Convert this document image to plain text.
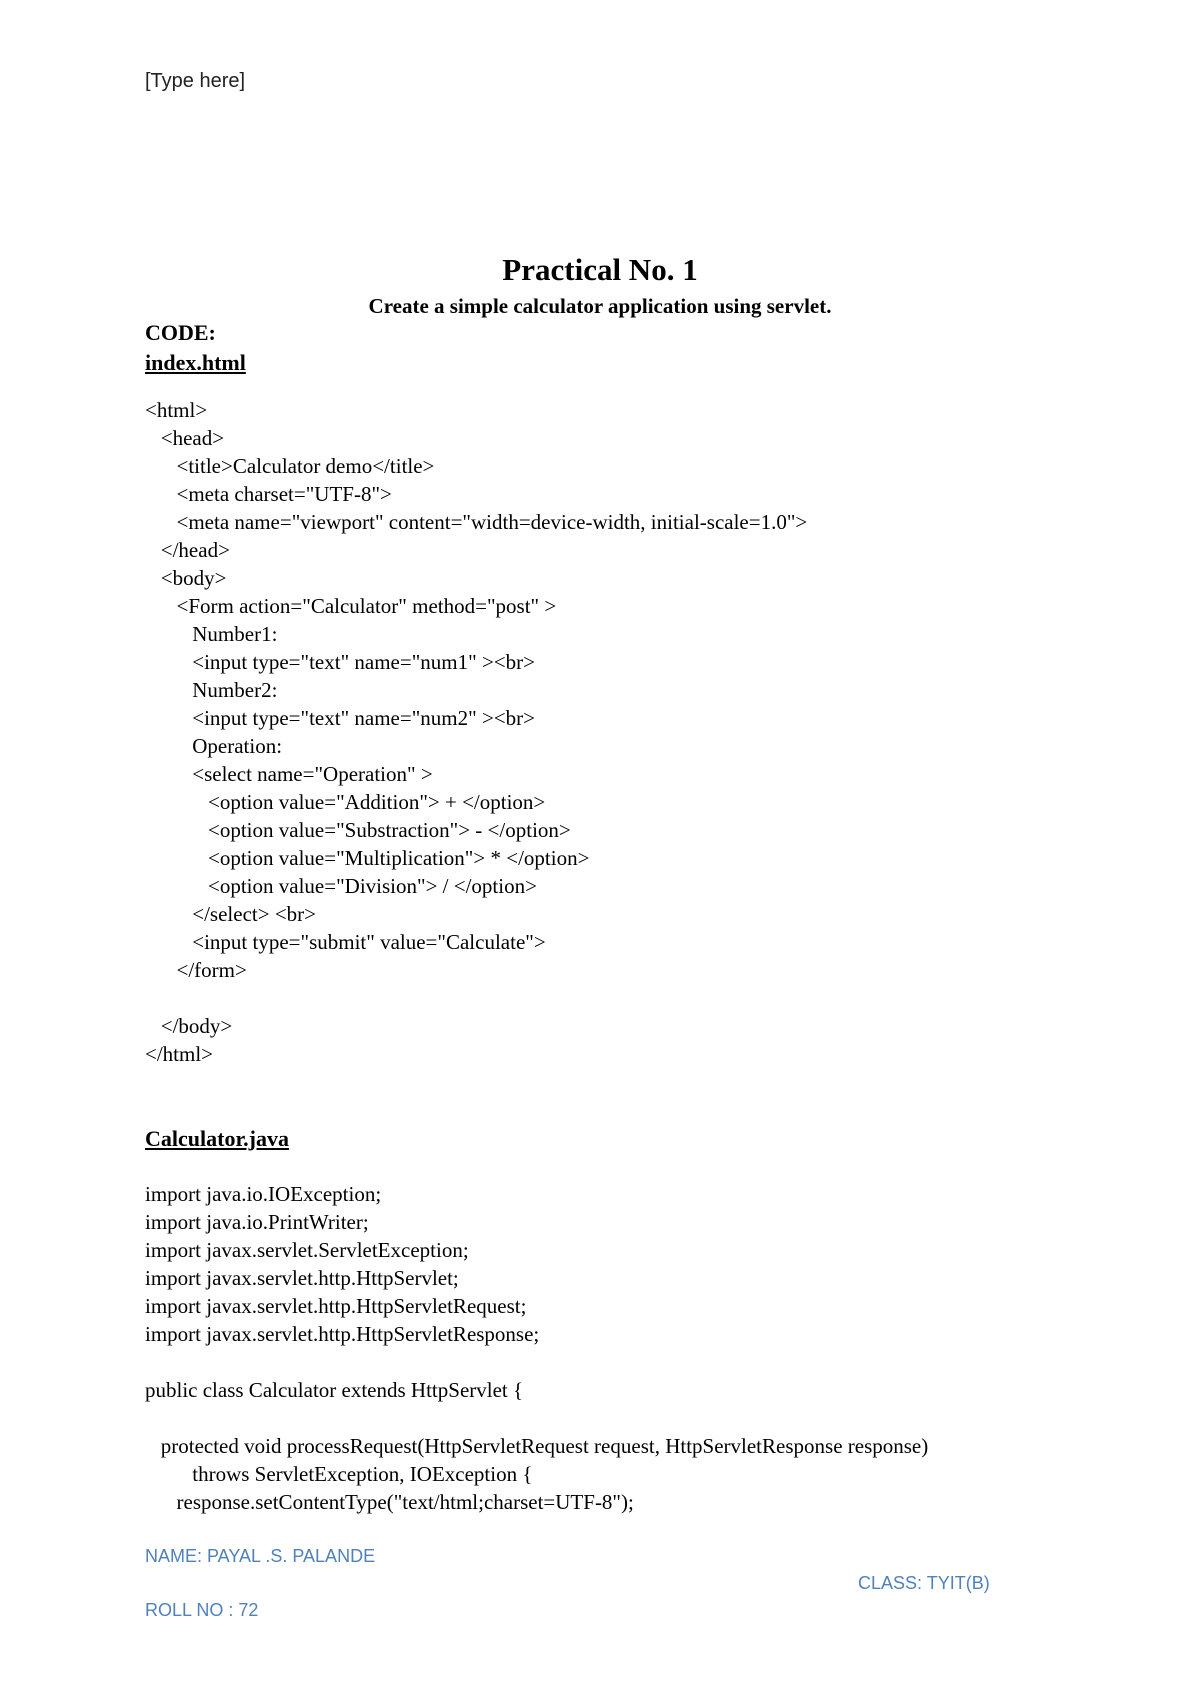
[Type here]
Practical No. 1
Create a simple calculator application using servlet.
CODE:
index.html
<html>
<head>
<title>Calculator demo</title>
<meta charset="UTF-8">
<meta name="viewport" content="width=device-width, initial-scale=1.0">
</head>
<body>
<Form action="Calculator" method="post" >
Number1:
<input type="text" name="num1" ><br>
Number2:
<input type="text" name="num2" ><br>
Operation:
<select name="Operation" >
<option value="Addition"> + </option>
<option value="Substraction"> - </option>
<option value="Multiplication"> * </option>
<option value="Division"> / </option>
</select> <br>
<input type="submit" value="Calculate">
</form>
</body>
</html>
Calculator.java
import java.io.IOException;
import java.io.PrintWriter;
import javax.servlet.ServletException;
import javax.servlet.http.HttpServlet;
import javax.servlet.http.HttpServletRequest;
import javax.servlet.http.HttpServletResponse;
public class Calculator extends HttpServlet {
protected void processRequest(HttpServletRequest request, HttpServletResponse response)
throws ServletException, IOException {
response.setContentType("text/html;charset=UTF-8");
NAME: PAYAL .S. PALANDE
CLASS: TYIT(B)
ROLL NO : 72
